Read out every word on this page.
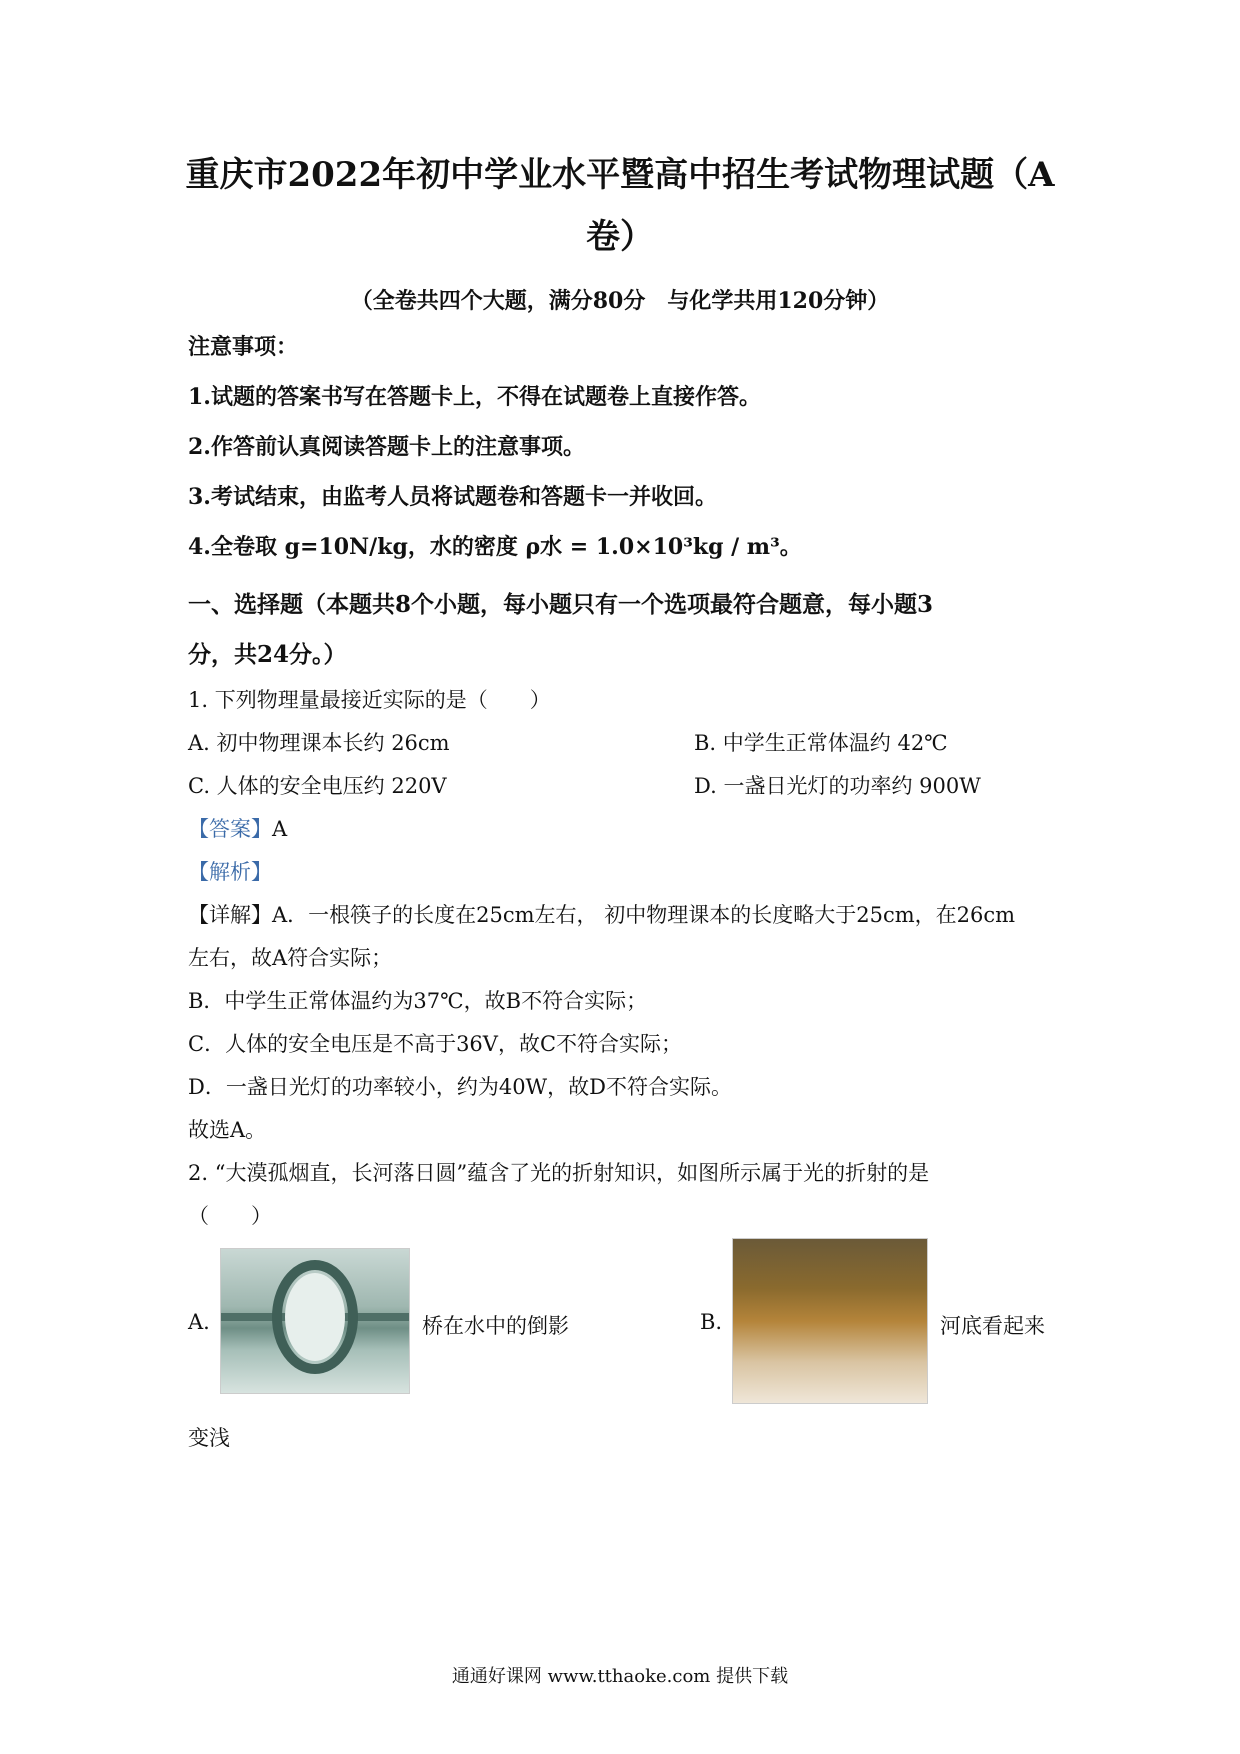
重庆市2022年初中学业水平暨高中招生考试物理试题（A
卷）
（全卷共四个大题，满分80分　与化学共用120分钟）
注意事项：
1.试题的答案书写在答题卡上，不得在试题卷上直接作答。
2.作答前认真阅读答题卡上的注意事项。
3.考试结束，由监考人员将试题卷和答题卡一并收回。
4.全卷取 g=10N/kg，水的密度 ρ水 = 1.0×10³kg / m³。
一、选择题（本题共8个小题，每小题只有一个选项最符合题意，每小题3
分，共24分。）
1. 下列物理量最接近实际的是（　　）
A. 初中物理课本长约 26cm	B. 中学生正常体温约 42℃
C. 人体的安全电压约 220V	D. 一盏日光灯的功率约 900W
【答案】A
【解析】
【详解】A．一根筷子的长度在25cm左右， 初中物理课本的长度略大于25cm，在26cm
左右，故A符合实际；
B．中学生正常体温约为37℃，故B不符合实际；
C．人体的安全电压是不高于36V，故C不符合实际；
D．一盏日光灯的功率较小，约为40W，故D不符合实际。
故选A。
2. “大漠孤烟直，长河落日圆”蕴含了光的折射知识，如图所示属于光的折射的是
（　　）
A.	桥在水中的倒影	B.	河底看起来
变浅
通通好课网 www.tthaoke.com 提供下载
